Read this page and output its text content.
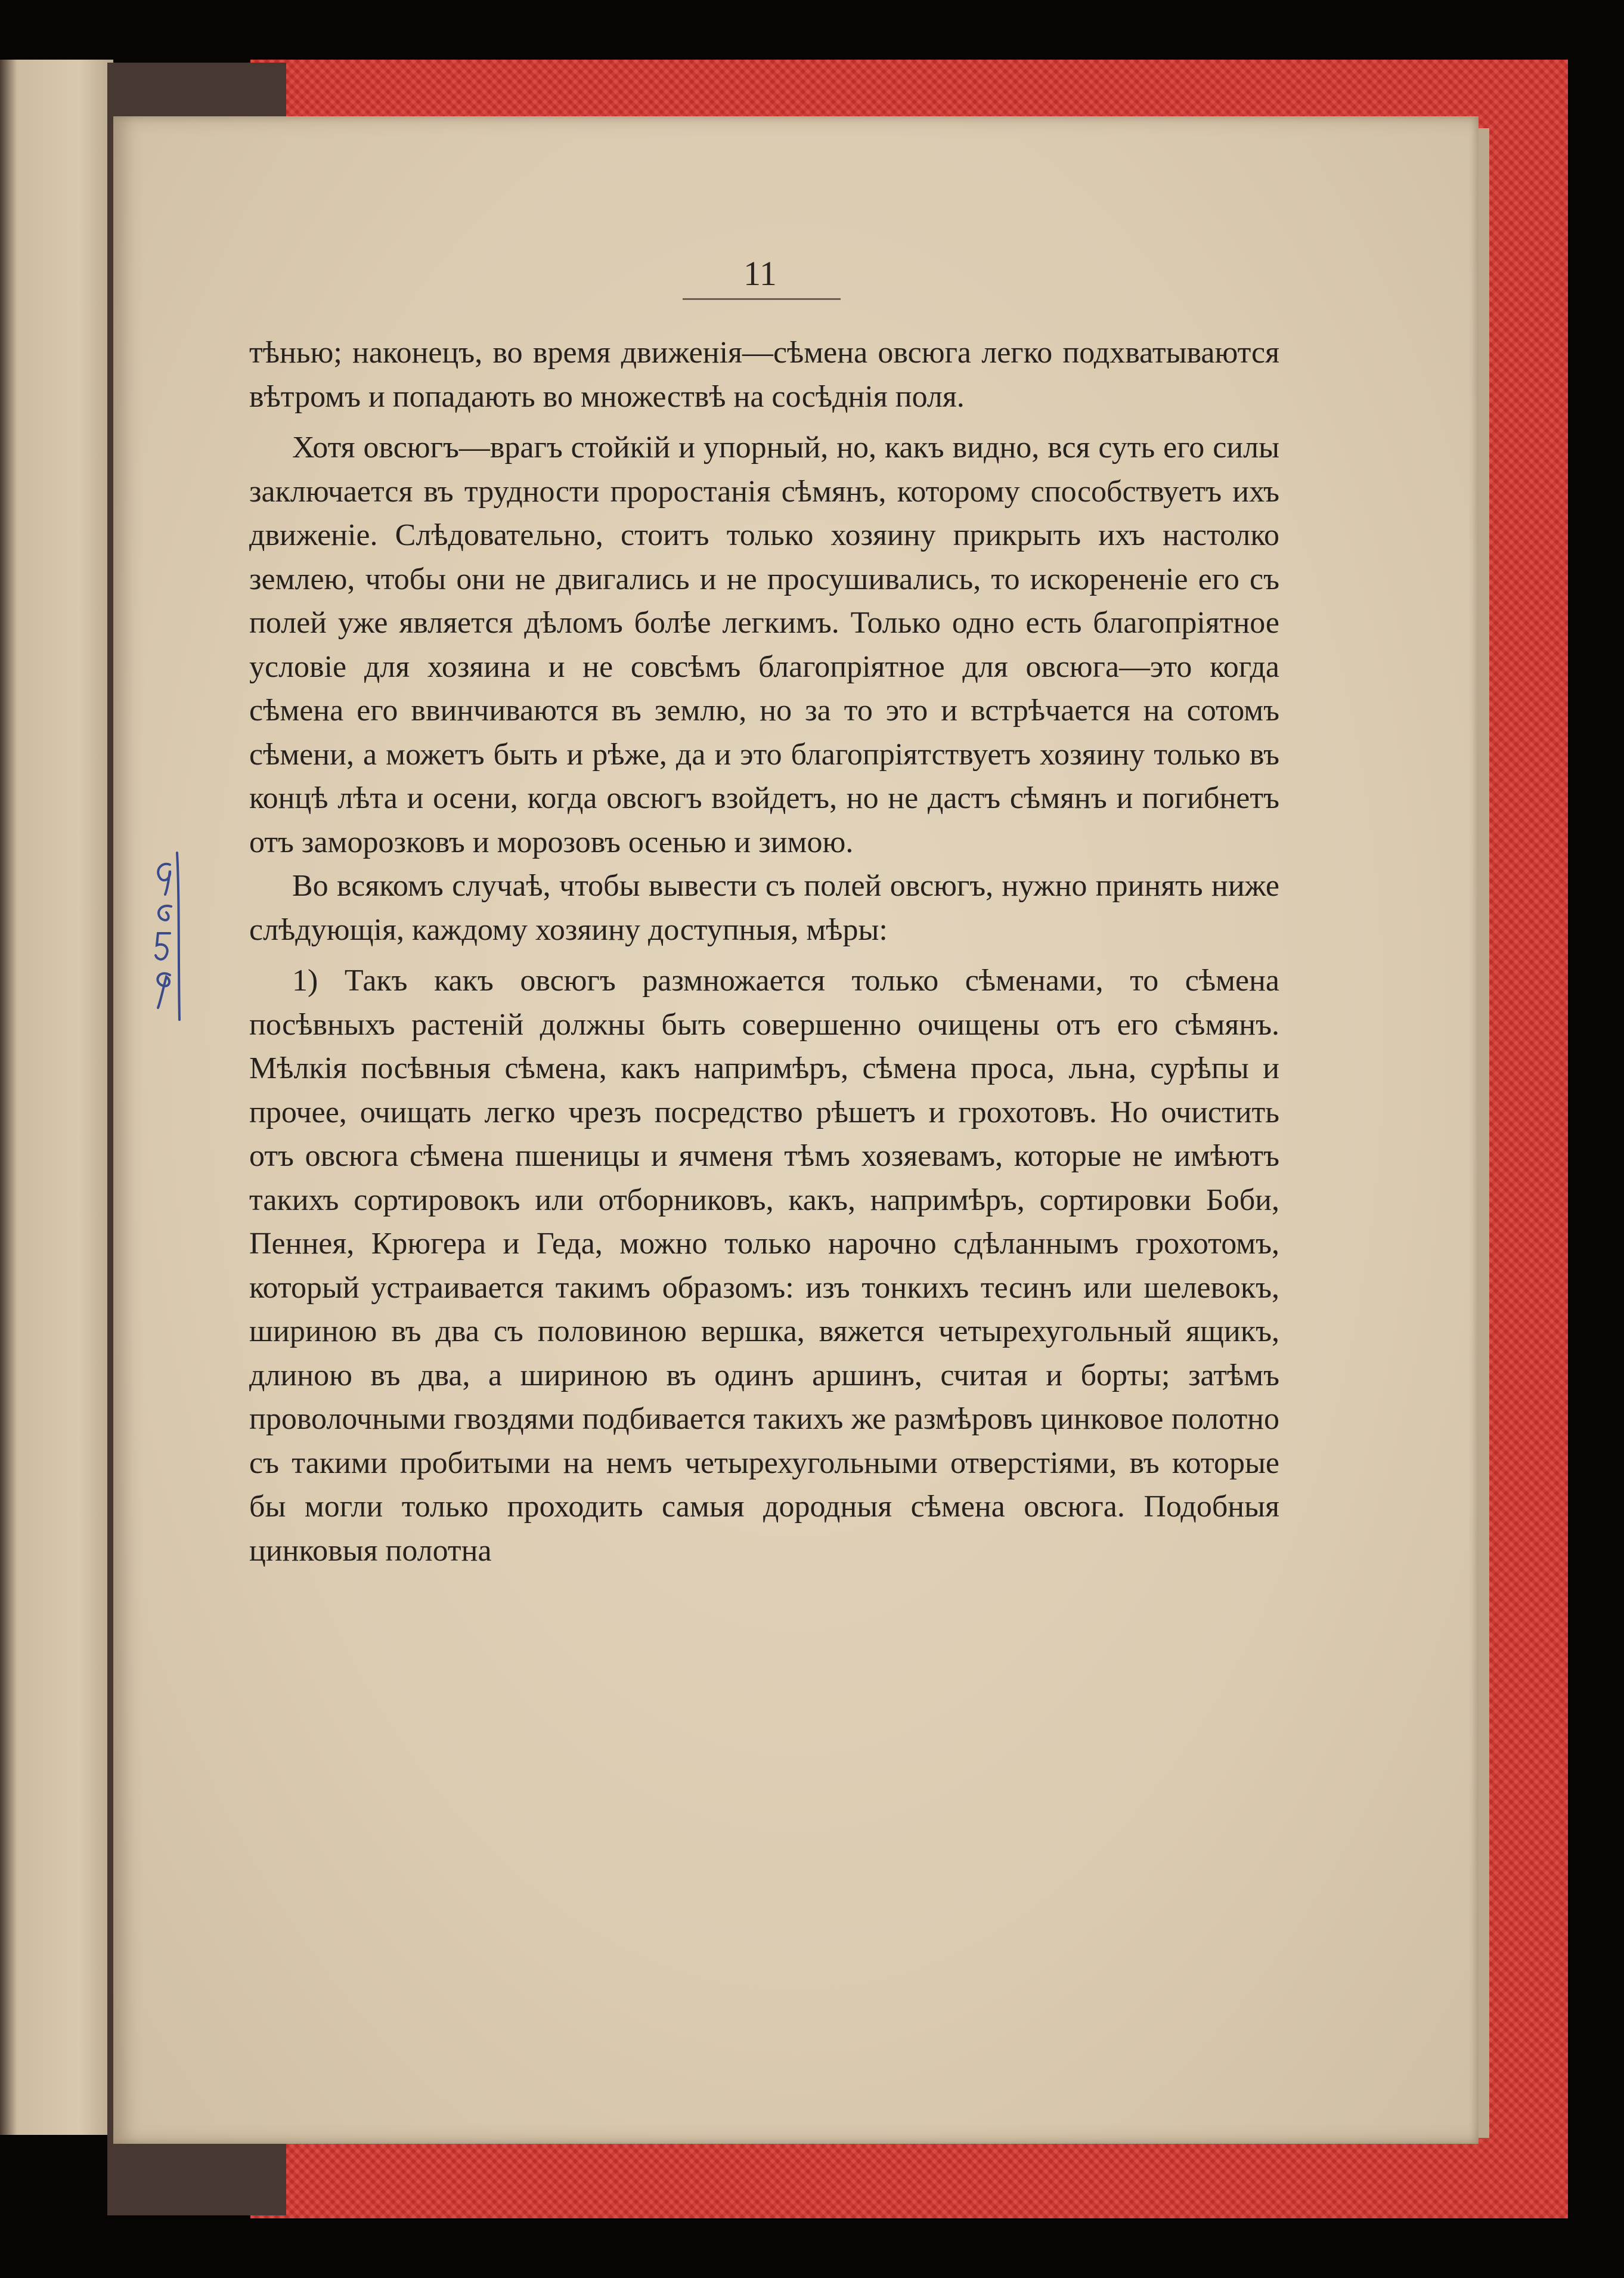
11

тѣнью; наконецъ, во время движенія—сѣмена овсюга легко подхватываются вѣтромъ и попадають во множествѣ на сосѣднія поля.

Хотя овсюгъ—врагъ стойкій и упорный, но, какъ видно, вся суть его силы заключается въ трудности проростанія сѣмянъ, которому способствуетъ ихъ движеніе. Слѣдовательно, стоитъ только хозяину прикрыть ихъ настолко землею, чтобы они не двигались и не просушивались, то искорененіе его съ полей уже является дѣломъ болѣе легкимъ. Только одно есть благопріятное условіе для хозяина и не совсѣмъ благопріятное для овсюга—это когда сѣмена его ввинчиваются въ землю, но за то это и встрѣчается на сотомъ сѣмени, а можетъ быть и рѣже, да и это благопріятствуетъ хозяину только въ концѣ лѣта и осени, когда овсюгъ взойдетъ, но не дастъ сѣмянъ и погибнетъ отъ заморозковъ и морозовъ осенью и зимою.

Во всякомъ случаѣ, чтобы вывести съ полей овсюгъ, нужно принять ниже слѣдующія, каждому хозяину доступныя, мѣры:

1) Такъ какъ овсюгъ размножается только сѣменами, то сѣмена посѣвныхъ растеній должны быть совершенно очищены отъ его сѣмянъ. Мѣлкія посѣвныя сѣмена, какъ напримѣръ, сѣмена проса, льна, сурѣпы и прочее, очищать легко чрезъ посредство рѣшетъ и грохотовъ. Но очистить отъ овсюга сѣмена пшеницы и ячменя тѣмъ хозяевамъ, которые не имѣютъ такихъ сортировокъ или отборниковъ, какъ, напримѣръ, сортировки Боби, Пеннея, Крюгера и Геда, можно только нарочно сдѣланнымъ грохотомъ, который устраивается такимъ образомъ: изъ тонкихъ тесинъ или шелевокъ, шириною въ два съ половиною вершка, вяжется четырехугольный ящикъ, длиною въ два, а шириною въ одинъ аршинъ, считая и борты; затѣмъ проволочными гвоздями подбивается такихъ же размѣровъ цинковое полотно съ такими пробитыми на немъ четырехугольными отверстіями, въ которые бы могли только проходить самыя дородныя сѣмена овсюга. Подобныя цинковыя полотна
